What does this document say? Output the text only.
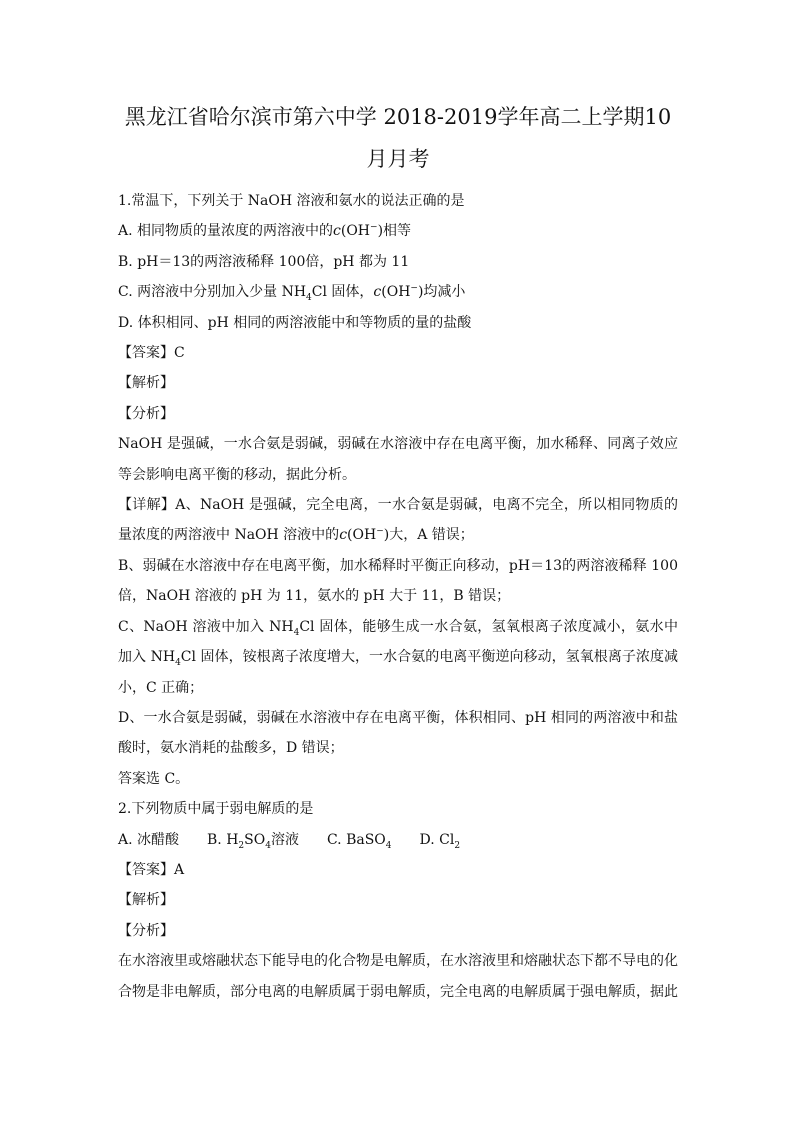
黑龙江省哈尔滨市第六中学 2018-2019学年高二上学期10月月考

1.常温下，下列关于 NaOH 溶液和氨水的说法正确的是

A. 相同物质的量浓度的两溶液中的c(OH−)相等

B. pH＝13的两溶液稀释 100倍，pH 都为 11

C. 两溶液中分别加入少量 $NH_4Cl$ 固体，c(OH−)均减小

D. 体积相同、pH 相同的两溶液能中和等物质的量的盐酸

【答案】C

【解析】

【分析】

NaOH 是强碱，一水合氨是弱碱，弱碱在水溶液中存在电离平衡，加水稀释、同离子效应等会影响电离平衡的移动，据此分析。

【详解】A、NaOH 是强碱，完全电离，一水合氨是弱碱，电离不完全，所以相同物质的量浓度的两溶液中 NaOH 溶液中的c(OH−)大，A 错误；

B、弱碱在水溶液中存在电离平衡，加水稀释时平衡正向移动，pH＝13的两溶液稀释 100倍，NaOH 溶液的 pH 为 11，氨水的 pH 大于 11，B 错误；

C、NaOH 溶液中加入 $NH_4Cl$ 固体，能够生成一水合氨，氢氧根离子浓度减小，氨水中加入 $NH_4Cl$ 固体，铵根离子浓度增大，一水合氨的电离平衡逆向移动，氢氧根离子浓度减小，C 正确；

D、一水合氨是弱碱，弱碱在水溶液中存在电离平衡，体积相同、pH 相同的两溶液中和盐酸时，氨水消耗的盐酸多，D 错误；

答案选 C。

2.下列物质中属于弱电解质的是

A. 冰醋酸 B. $H_2SO_4$溶液 C. BaSO$_4$ D. $Cl_2$

【答案】A

【解析】

【分析】

在水溶液里或熔融状态下能导电的化合物是电解质，在水溶液里和熔融状态下都不导电的化合物是非电解质，部分电离的电解质属于弱电解质，完全电离的电解质属于强电解质，据此
